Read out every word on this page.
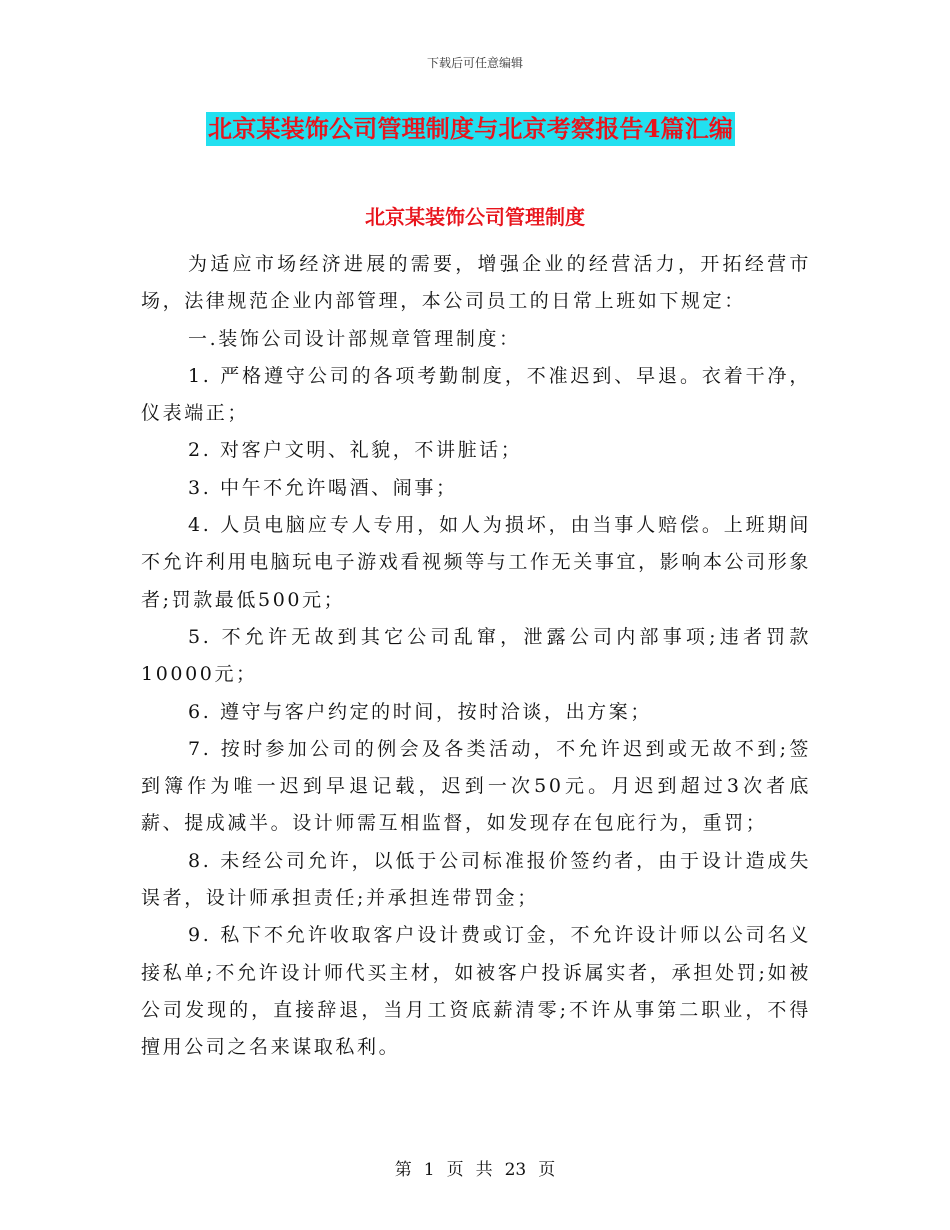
下载后可任意编辑
北京某装饰公司管理制度与北京考察报告4篇汇编
北京某装饰公司管理制度

为适应市场经济进展的需要，增强企业的经营活力，开拓经营市场，法律规范企业内部管理，本公司员工的日常上班如下规定：

一.装饰公司设计部规章管理制度：

1. 严格遵守公司的各项考勤制度，不准迟到、早退。衣着干净，仪表端正；

2. 对客户文明、礼貌，不讲脏话；

3. 中午不允许喝酒、闹事；

4. 人员电脑应专人专用，如人为损坏，由当事人赔偿。上班期间不允许利用电脑玩电子游戏看视频等与工作无关事宜，影响本公司形象者;罚款最低500元；

5. 不允许无故到其它公司乱窜，泄露公司内部事项;违者罚款10000元；

6. 遵守与客户约定的时间，按时洽谈，出方案；

7. 按时参加公司的例会及各类活动，不允许迟到或无故不到;签到簿作为唯一迟到早退记载，迟到一次50元。月迟到超过3次者底薪、提成减半。设计师需互相监督，如发现存在包庇行为，重罚；

8. 未经公司允许，以低于公司标准报价签约者，由于设计造成失误者，设计师承担责任;并承担连带罚金；

9. 私下不允许收取客户设计费或订金，不允许设计师以公司名义接私单;不允许设计师代买主材，如被客户投诉属实者，承担处罚;如被公司发现的，直接辞退，当月工资底薪清零;不许从事第二职业，不得擅用公司之名来谋取私利。

第 1 页 共 23 页
